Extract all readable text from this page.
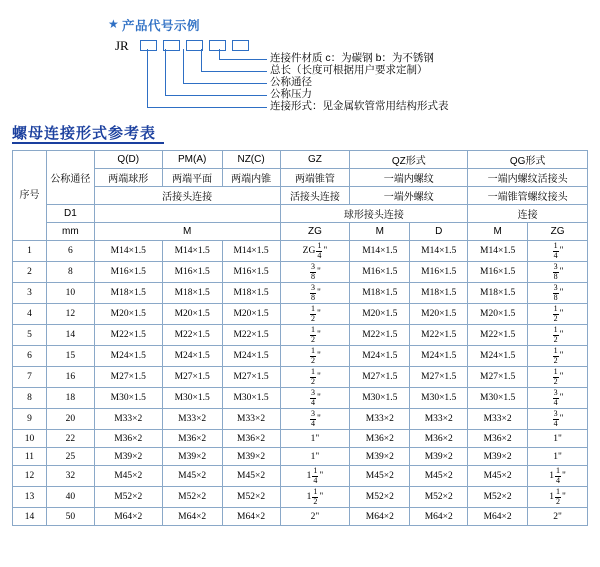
★ 产品代号示例
JR

连接件材质 c：为碳钢 b：为不锈钢
总长（长度可根据用户要求定制）
公称通径
公称压力
连接形式：见金属软管常用结构形式表
螺母连接形式参考表
序号	公称通径	Q(D)	PM(A)	NZ(C)	GZ	QZ形式		QG形式	
		两端球形	两端平面	两端内锥	两端锥管	一端内螺纹		一端内螺纹活接头	
		活接头连接			活接头连接	一端外螺纹		一端锥管螺纹接头	
	D1				球形接头连接			连接	
	mm	M			ZG	M	D	M	ZG
1	6	M14×1.5	M14×1.5	M14×1.5	ZG $\frac{1}{4}$ "	M14×1.5	M14×1.5	M14×1.5	$\frac{1}{4}$ "
2	8	M16×1.5	M16×1.5	M16×1.5	$\frac{3}{8}$ "	M16×1.5	M16×1.5	M16×1.5	$\frac{3}{8}$ "
3	10	M18×1.5	M18×1.5	M18×1.5	$\frac{3}{8}$ "	M18×1.5	M18×1.5	M18×1.5	$\frac{3}{8}$ "
4	12	M20×1.5	M20×1.5	M20×1.5	$\frac{1}{2}$ "	M20×1.5	M20×1.5	M20×1.5	$\frac{1}{2}$ "
5	14	M22×1.5	M22×1.5	M22×1.5	$\frac{1}{2}$ "	M22×1.5	M22×1.5	M22×1.5	$\frac{1}{2}$ "
6	15	M24×1.5	M24×1.5	M24×1.5	$\frac{1}{2}$ "	M24×1.5	M24×1.5	M24×1.5	$\frac{1}{2}$ "
7	16	M27×1.5	M27×1.5	M27×1.5	$\frac{1}{2}$ "	M27×1.5	M27×1.5	M27×1.5	$\frac{1}{2}$ "
8	18	M30×1.5	M30×1.5	M30×1.5	$\frac{3}{4}$ "	M30×1.5	M30×1.5	M30×1.5	$\frac{3}{4}$ "
9	20	M33×2	M33×2	M33×2	$\frac{3}{4}$ "	M33×2	M33×2	M33×2	$\frac{3}{4}$ "
10	22	M36×2	M36×2	M36×2	1"	M36×2	M36×2	M36×2	1"
11	25	M39×2	M39×2	M39×2	1"	M39×2	M39×2	M39×2	1"
12	32	M45×2	M45×2	M45×2	$1 \frac{1}{4}$ "	M45×2	M45×2	M45×2	$1 \frac{1}{4}$ "
13	40	M52×2	M52×2	M52×2	$1 \frac{1}{2}$ "	M52×2	M52×2	M52×2	$1 \frac{1}{2}$ "
14	50	M64×2	M64×2	M64×2	2"	M64×2	M64×2	M64×2	2"
